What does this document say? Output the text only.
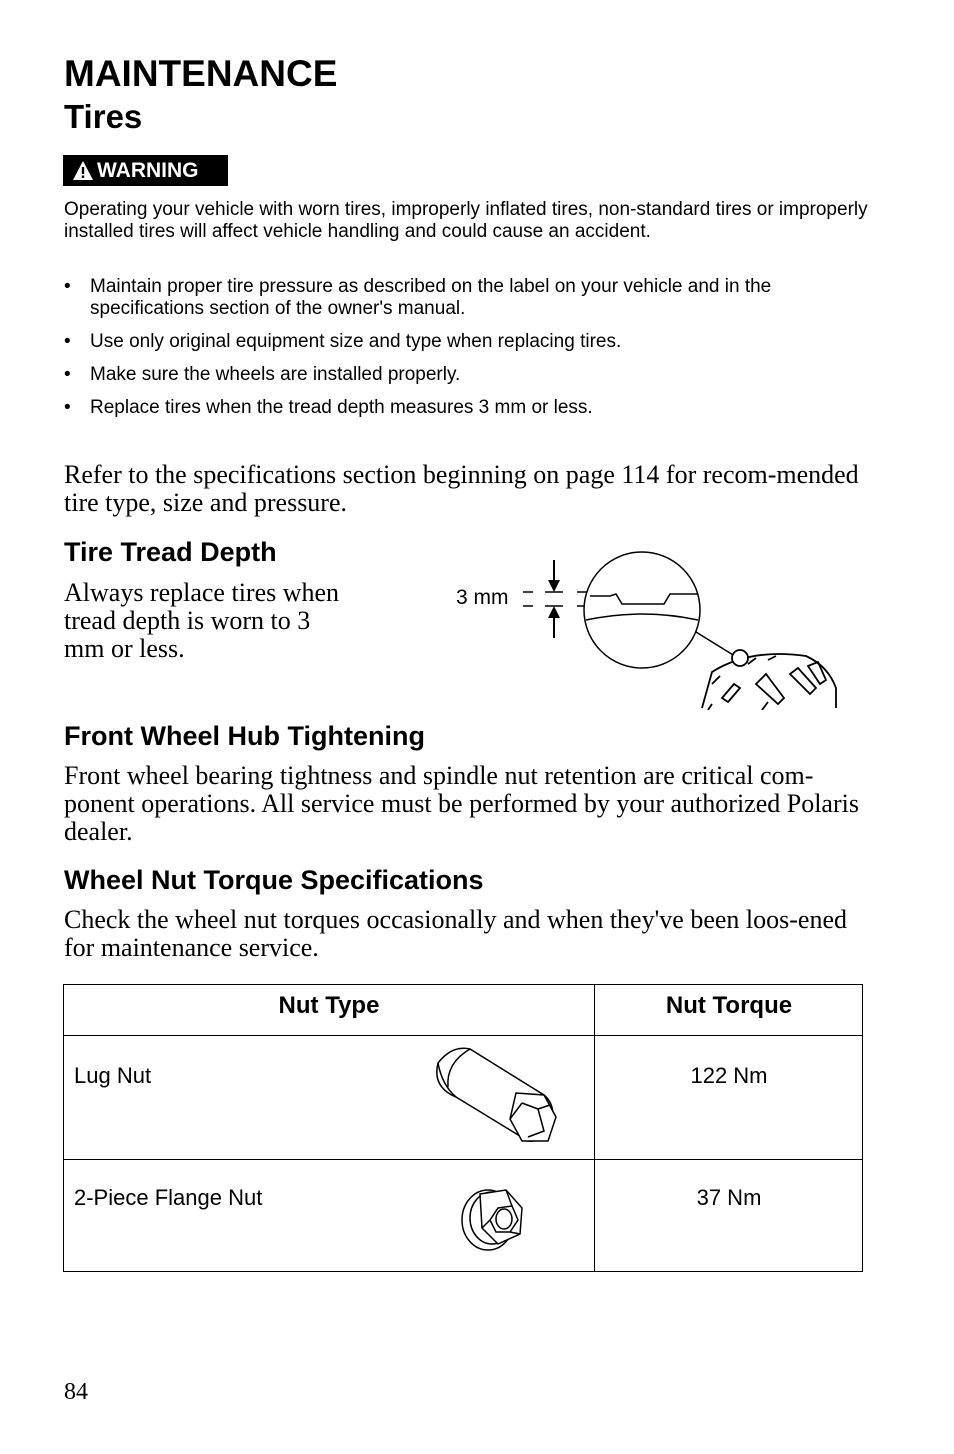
MAINTENANCE
Tires
WARNING
Operating your vehicle with worn tires, improperly inflated tires, non-standard tires or improperly installed tires will affect vehicle handling and could cause an accident.
• Maintain proper tire pressure as described on the label on your vehicle and in the specifications section of the owner's manual.
• Use only original equipment size and type when replacing tires.
• Make sure the wheels are installed properly.
• Replace tires when the tread depth measures 3 mm or less.
Refer to the specifications section beginning on page 114 for recom-mended tire type, size and pressure.
Tire Tread Depth
Always replace tires when tread depth is worn to 3 mm or less.
3 mm
Front Wheel Hub Tightening
Front wheel bearing tightness and spindle nut retention are critical com-ponent operations. All service must be performed by your authorized Polaris dealer.
Wheel Nut Torque Specifications
Check the wheel nut torques occasionally and when they've been loos-ened for maintenance service.
Nut Type	Nut Torque
Lug Nut	122 Nm
2-Piece Flange Nut	37 Nm
84
